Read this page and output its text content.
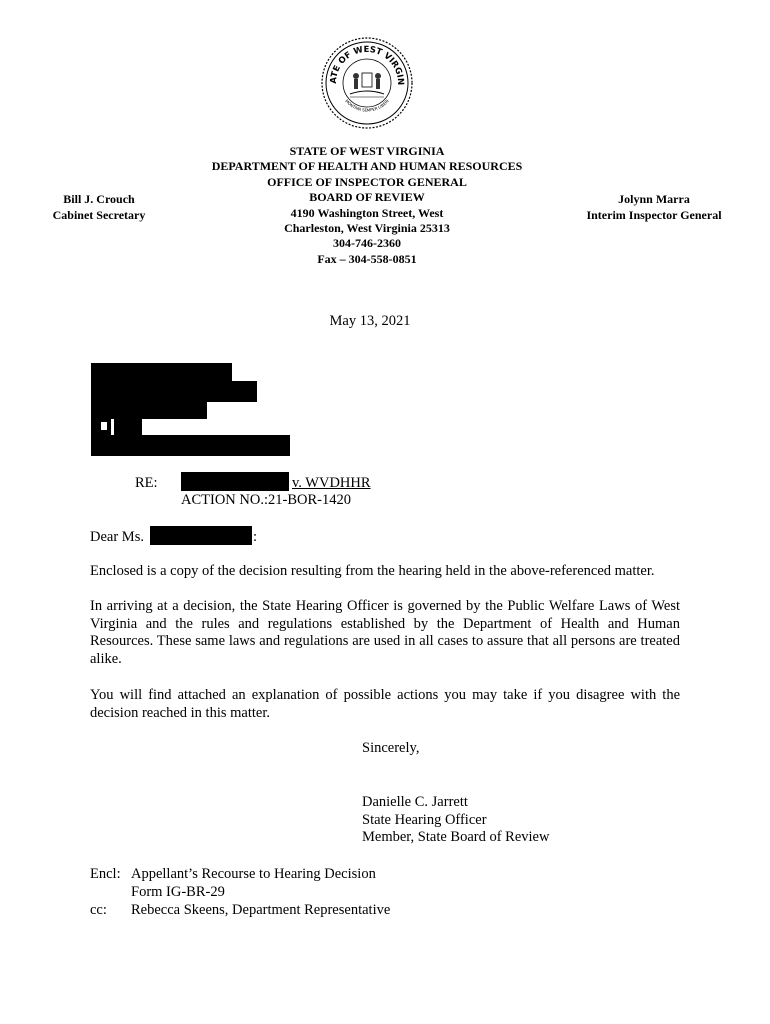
ATE OF WEST VIRGIN
MONTANI SEMPER LIBERI
STATE OF WEST VIRGINIA
DEPARTMENT OF HEALTH AND HUMAN RESOURCES
OFFICE OF INSPECTOR GENERAL
BOARD OF REVIEW
4190 Washington Street, West
Charleston, West Virginia 25313
304-746-2360
Fax – 304-558-0851
Bill J. Crouch
Cabinet Secretary
Jolynn Marra
Interim Inspector General
May 13, 2021
RE:	v. WVDHHR
ACTION NO.:21-BOR-1420
Dear Ms.	:
Enclosed is a copy of the decision resulting from the hearing held in the above-referenced matter.
In arriving at a decision, the State Hearing Officer is governed by the Public Welfare Laws of West Virginia and the rules and regulations established by the Department of Health and Human Resources. These same laws and regulations are used in all cases to assure that all persons are treated alike.
You will find attached an explanation of possible actions you may take if you disagree with the decision reached in this matter.
Sincerely,
Danielle C. Jarrett
State Hearing Officer
Member, State Board of Review
Encl: Appellant’s Recourse to Hearing Decision
Form IG-BR-29
cc: Rebecca Skeens, Department Representative
